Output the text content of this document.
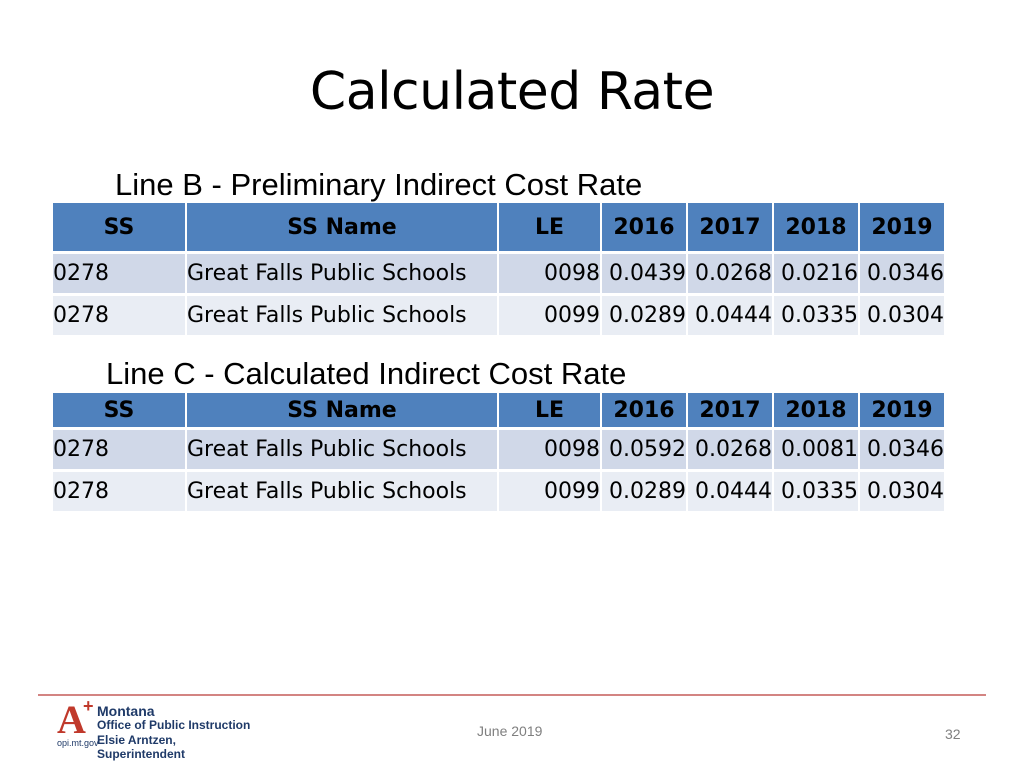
Calculated Rate
Line B - Preliminary Indirect Cost Rate
SS	SS Name	LE	2016	2017	2018	2019
0278	Great Falls Public Schools	0098	0.0439	0.0268	0.0216	0.0346
0278	Great Falls Public Schools	0099	0.0289	0.0444	0.0335	0.0304
Line C - Calculated Indirect Cost Rate
SS	SS Name	LE	2016	2017	2018	2019
0278	Great Falls Public Schools	0098	0.0592	0.0268	0.0081	0.0346
0278	Great Falls Public Schools	0099	0.0289	0.0444	0.0335	0.0304
A
+ Montana
Office of Public Instruction
Elsie Arntzen, Superintendent
opi.mt.gov
June 2019	32
